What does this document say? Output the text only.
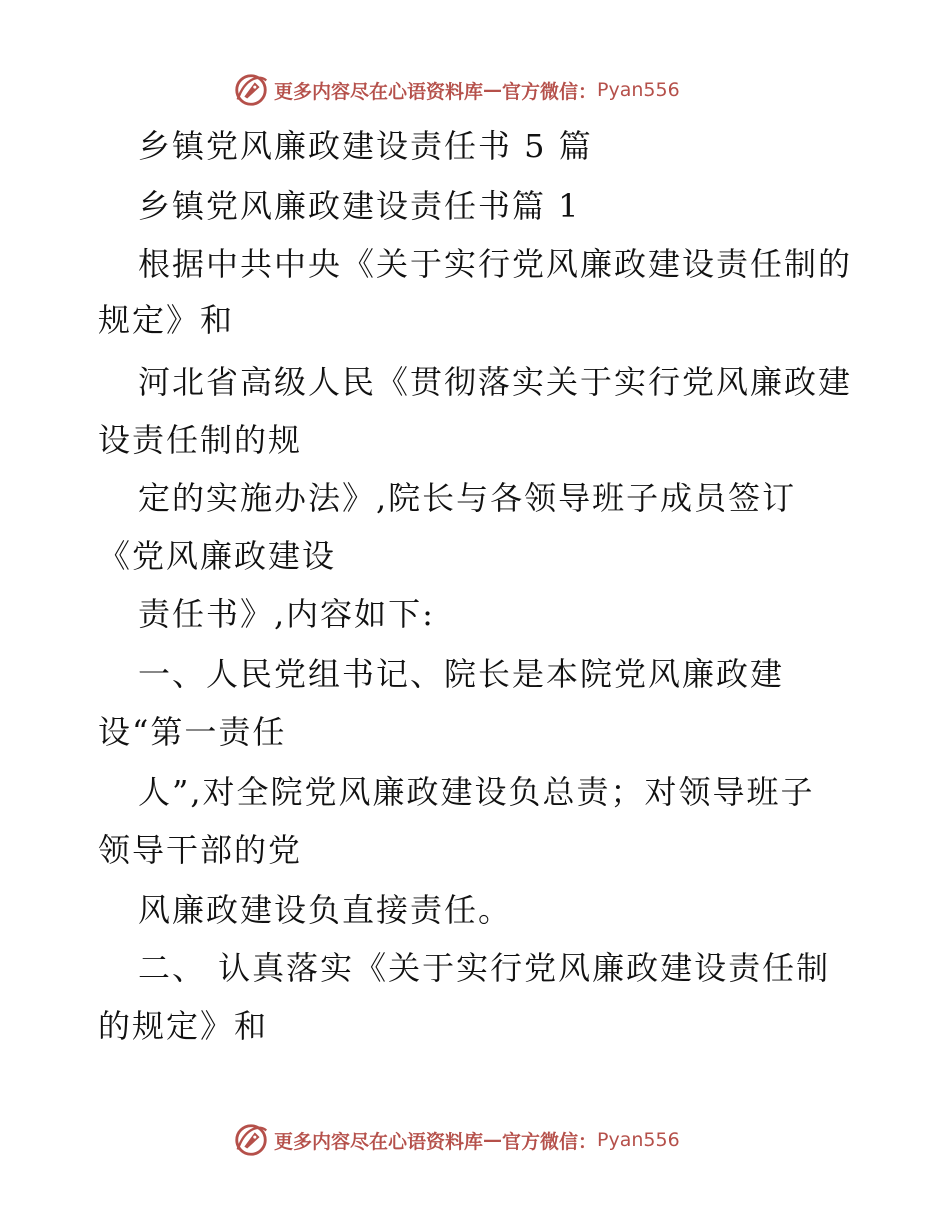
更多内容尽在心语资料库 — 官方微信： Pyan556
乡镇党风廉政建设责任书 5 篇
乡镇党风廉政建设责任书篇 1
根据中共中央《关于实行党风廉政建设责任制的
规定》和
河北省高级人民《贯彻落实关于实行党风廉政建
设责任制的规
定的实施办法》,院长与各领导班子成员签订
《党风廉政建设
责任书》,内容如下:
一、人民党组书记、院长是本院党风廉政建
设“第一责任
人”,对全院党风廉政建设负总责；对领导班子
领导干部的党
风廉政建设负直接责任。
二、 认真落实《关于实行党风廉政建设责任制
的规定》和
更多内容尽在心语资料库 — 官方微信： Pyan556
